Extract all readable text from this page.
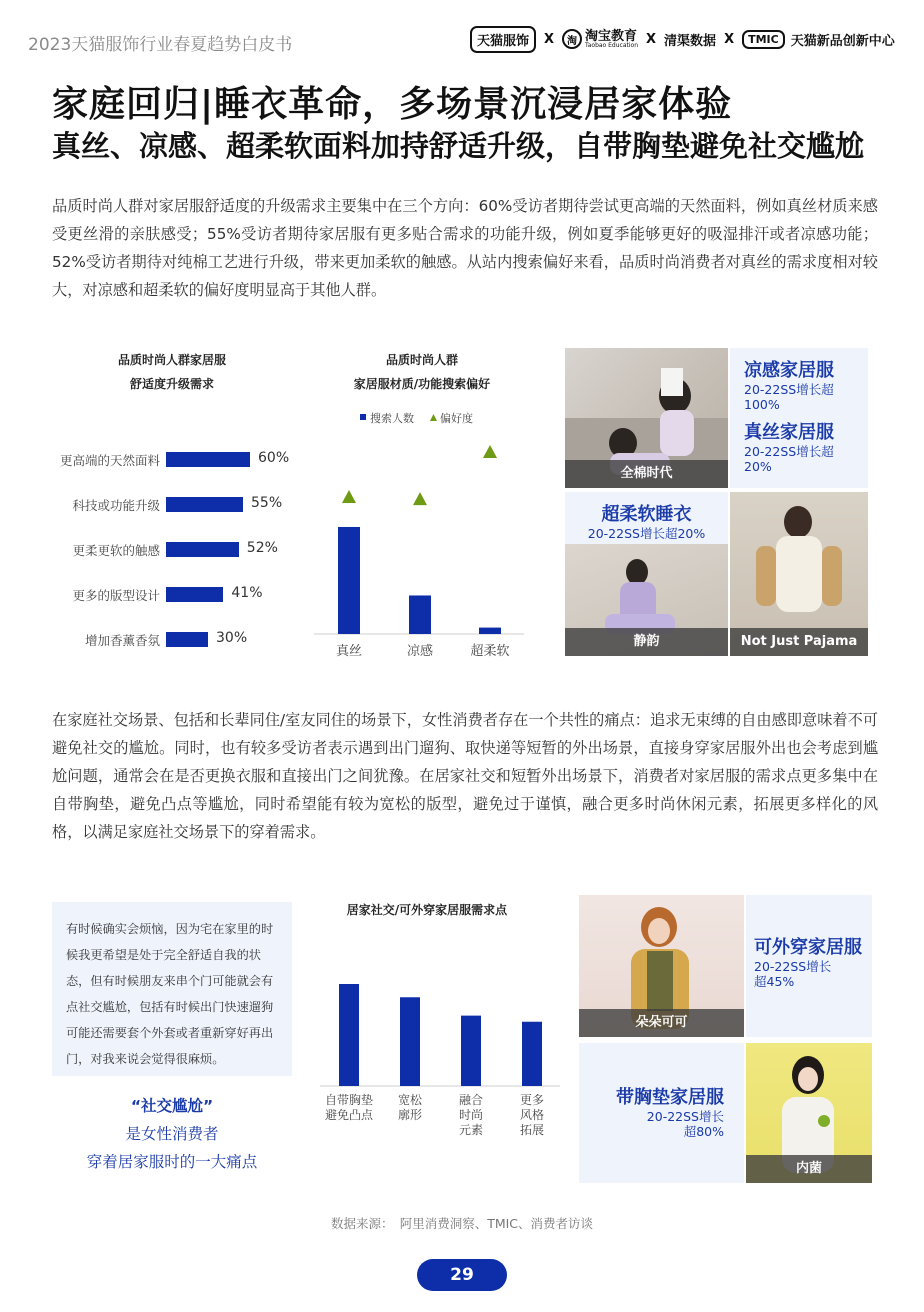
2023天猫服饰行业春夏趋势白皮书	天猫服饰	X	淘 淘宝教育
Taobao Education X 清渠数据 X	TMIC 天猫新品创新中心
家庭回归|睡衣革命，多场景沉浸居家体验
真丝、凉感、超柔软面料加持舒适升级，自带胸垫避免社交尴尬
品质时尚人群对家居服舒适度的升级需求主要集中在三个方向：60%受访者期待尝试更高端的天然面料，例如真丝材质来感受更丝滑的亲肤感受；55%受访者期待家居服有更多贴合需求的功能升级，例如夏季能够更好的吸湿排汗或者凉感功能；52%受访者期待对纯棉工艺进行升级，带来更加柔软的触感。从站内搜索偏好来看，品质时尚消费者对真丝的需求度相对较大，对凉感和超柔软的偏好度明显高于其他人群。
品质时尚人群家居服
舒适度升级需求
更高端的天然面料	60%
科技或功能升级	55%
更柔更软的触感	52%
更多的版型设计	41%
增加香薰香氛	30%
品质时尚人群
家居服材质/功能搜索偏好
搜索人数 偏好度
真丝	凉感	超柔软
全棉时代
凉感家居服
20-22SS增长超
100%
真丝家居服
20-22SS增长超
20%
超柔软睡衣
20-22SS增长超20%
静韵	Not Just Pajama
在家庭社交场景、包括和长辈同住/室友同住的场景下，女性消费者存在一个共性的痛点：追求无束缚的自由感即意味着不可避免社交的尴尬。同时，也有较多受访者表示遇到出门遛狗、取快递等短暂的外出场景，直接身穿家居服外出也会考虑到尴尬问题，通常会在是否更换衣服和直接出门之间犹豫。在居家社交和短暂外出场景下，消费者对家居服的需求点更多集中在自带胸垫，避免凸点等尴尬，同时希望能有较为宽松的版型，避免过于谨慎，融合更多时尚休闲元素，拓展更多样化的风格，以满足家庭社交场景下的穿着需求。
有时候确实会烦恼，因为宅在家里的时候我更希望是处于完全舒适自我的状态，但有时候朋友来串个门可能就会有点社交尴尬，包括有时候出门快速遛狗可能还需要套个外套或者重新穿好再出门，对我来说会觉得很麻烦。
“社交尴尬”
是女性消费者
穿着居家服时的一大痛点
居家社交/可外穿家居服需求点
自带胸垫
避免凸点
宽松
廓形
融合
时尚
元素
更多
风格
拓展
朵朵可可
可外穿家居服
20-22SS增长
超45%
带胸垫家居服
20-22SS增长
超80%
内菌
数据来源：　阿里消费洞察、TMIC、消费者访谈
29
